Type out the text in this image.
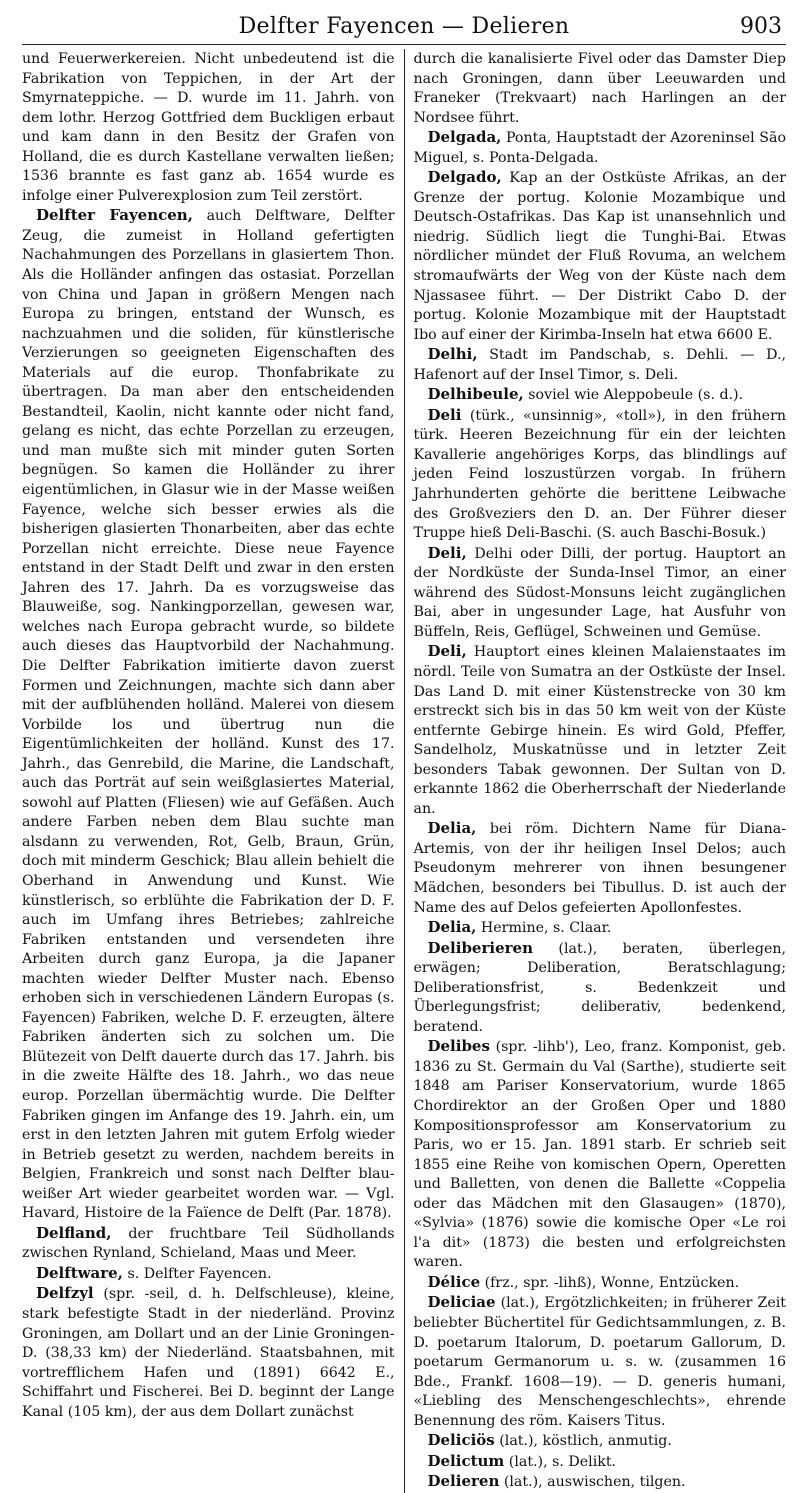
Delfter Fayencen — Delieren	903

und Feuerwerkereien. Nicht unbedeutend ist die Fabrikation von Teppichen, in der Art der Smyrnateppiche. — D. wurde im 11. Jahrh. von dem lothr. Herzog Gottfried dem Buckligen erbaut und kam dann in den Besitz der Grafen von Holland, die es durch Kastellane verwalten ließen; 1536 brannte es fast ganz ab. 1654 wurde es infolge einer Pulverexplosion zum Teil zerstört.

Delfter Fayencen, auch Delftware, Delfter Zeug, die zumeist in Holland gefertigten Nachahmungen des Porzellans in glasiertem Thon. Als die Holländer anfingen das ostasiat. Porzellan von China und Japan in größern Mengen nach Europa zu bringen, entstand der Wunsch, es nachzuahmen und die soliden, für künstlerische Verzierungen so geeigneten Eigenschaften des Materials auf die europ. Thonfabrikate zu übertragen. Da man aber den entscheidenden Bestandteil, Kaolin, nicht kannte oder nicht fand, gelang es nicht, das echte Porzellan zu erzeugen, und man mußte sich mit minder guten Sorten begnügen. So kamen die Holländer zu ihrer eigentümlichen, in Glasur wie in der Masse weißen Fayence, welche sich besser erwies als die bisherigen glasierten Thonarbeiten, aber das echte Porzellan nicht erreichte. Diese neue Fayence entstand in der Stadt Delft und zwar in den ersten Jahren des 17. Jahrh. Da es vorzugsweise das Blauweiße, sog. Nankingporzellan, gewesen war, welches nach Europa gebracht wurde, so bildete auch dieses das Hauptvorbild der Nachahmung. Die Delfter Fabrikation imitierte davon zuerst Formen und Zeichnungen, machte sich dann aber mit der aufblühenden holländ. Malerei von diesem Vorbilde los und übertrug nun die Eigentümlichkeiten der holländ. Kunst des 17. Jahrh., das Genrebild, die Marine, die Landschaft, auch das Porträt auf sein weißglasiertes Material, sowohl auf Platten (Fliesen) wie auf Gefäßen. Auch andere Farben neben dem Blau suchte man alsdann zu verwenden, Rot, Gelb, Braun, Grün, doch mit minderm Geschick; Blau allein behielt die Oberhand in Anwendung und Kunst. Wie künstlerisch, so erblühte die Fabrikation der D. F. auch im Umfang ihres Betriebes; zahlreiche Fabriken entstanden und versendeten ihre Arbeiten durch ganz Europa, ja die Japaner machten wieder Delfter Muster nach. Ebenso erhoben sich in verschiedenen Ländern Europas (s. Fayencen) Fabriken, welche D. F. erzeugten, ältere Fabriken änderten sich zu solchen um. Die Blütezeit von Delft dauerte durch das 17. Jahrh. bis in die zweite Hälfte des 18. Jahrh., wo das neue europ. Porzellan übermächtig wurde. Die Delfter Fabriken gingen im Anfange des 19. Jahrh. ein, um erst in den letzten Jahren mit gutem Erfolg wieder in Betrieb gesetzt zu werden, nachdem bereits in Belgien, Frankreich und sonst nach Delfter blau-weißer Art wieder gearbeitet worden war. — Vgl. Havard, Histoire de la Faïence de Delft (Par. 1878).

Delfland, der fruchtbare Teil Südhollands zwischen Rynland, Schieland, Maas und Meer.

Delftware, s. Delfter Fayencen.

Delfzyl (spr. -seil, d. h. Delfschleuse), kleine, stark befestigte Stadt in der niederländ. Provinz Groningen, am Dollart und an der Linie Groningen-D. (38,33 km) der Niederländ. Staatsbahnen, mit vortrefflichem Hafen und (1891) 6642 E., Schiffahrt und Fischerei. Bei D. beginnt der Lange Kanal (105 km), der aus dem Dollart zunächst

durch die kanalisierte Fivel oder das Damster Diep nach Groningen, dann über Leeuwarden und Franeker (Trekvaart) nach Harlingen an der Nordsee führt.

Delgada, Ponta, Hauptstadt der Azoreninsel São Miguel, s. Ponta-Delgada.

Delgado, Kap an der Ostküste Afrikas, an der Grenze der portug. Kolonie Mozambique und Deutsch-Ostafrikas. Das Kap ist unansehnlich und niedrig. Südlich liegt die Tunghi-Bai. Etwas nördlicher mündet der Fluß Rovuma, an welchem stromaufwärts der Weg von der Küste nach dem Njassasee führt. — Der Distrikt Cabo D. der portug. Kolonie Mozambique mit der Hauptstadt Ibo auf einer der Kirimba-Inseln hat etwa 6600 E.

Delhi, Stadt im Pandschab, s. Dehli. — D., Hafenort auf der Insel Timor, s. Deli.

Delhibeule, soviel wie Aleppobeule (s. d.).

Deli (türk., «unsinnig», «toll»), in den frühern türk. Heeren Bezeichnung für ein der leichten Kavallerie angehöriges Korps, das blindlings auf jeden Feind loszustürzen vorgab. In frühern Jahrhunderten gehörte die berittene Leibwache des Großveziers den D. an. Der Führer dieser Truppe hieß Deli-Baschi. (S. auch Baschi-Bosuk.)

Deli, Delhi oder Dilli, der portug. Hauptort an der Nordküste der Sunda-Insel Timor, an einer während des Südost-Monsuns leicht zugänglichen Bai, aber in ungesunder Lage, hat Ausfuhr von Büffeln, Reis, Geflügel, Schweinen und Gemüse.

Deli, Hauptort eines kleinen Malaienstaates im nördl. Teile von Sumatra an der Ostküste der Insel. Das Land D. mit einer Küstenstrecke von 30 km erstreckt sich bis in das 50 km weit von der Küste entfernte Gebirge hinein. Es wird Gold, Pfeffer, Sandelholz, Muskatnüsse und in letzter Zeit besonders Tabak gewonnen. Der Sultan von D. erkannte 1862 die Oberherrschaft der Niederlande an.

Delia, bei röm. Dichtern Name für Diana-Artemis, von der ihr heiligen Insel Delos; auch Pseudonym mehrerer von ihnen besungener Mädchen, besonders bei Tibullus. D. ist auch der Name des auf Delos gefeierten Apollonfestes.

Delia, Hermine, s. Claar.

Deliberieren (lat.), beraten, überlegen, erwägen; Deliberation, Beratschlagung; Deliberationsfrist, s. Bedenkzeit und Überlegungsfrist; deliberativ, bedenkend, beratend.

Delibes (spr. -lihb'), Leo, franz. Komponist, geb. 1836 zu St. Germain du Val (Sarthe), studierte seit 1848 am Pariser Konservatorium, wurde 1865 Chordirektor an der Großen Oper und 1880 Kompositionsprofessor am Konservatorium zu Paris, wo er 15. Jan. 1891 starb. Er schrieb seit 1855 eine Reihe von komischen Opern, Operetten und Balletten, von denen die Ballette «Coppelia oder das Mädchen mit den Glasaugen» (1870), «Sylvia» (1876) sowie die komische Oper «Le roi l'a dit» (1873) die besten und erfolgreichsten waren.

Délice (frz., spr. -lihß), Wonne, Entzücken.

Deliciae (lat.), Ergötzlichkeiten; in früherer Zeit beliebter Büchertitel für Gedichtsammlungen, z. B. D. poetarum Italorum, D. poetarum Gallorum, D. poetarum Germanorum u. s. w. (zusammen 16 Bde., Frankf. 1608—19). — D. generis humani, «Liebling des Menschengeschlechts», ehrende Benennung des röm. Kaisers Titus.

Deliciös (lat.), köstlich, anmutig.

Delictum (lat.), s. Delikt.

Delieren (lat.), auswischen, tilgen.
